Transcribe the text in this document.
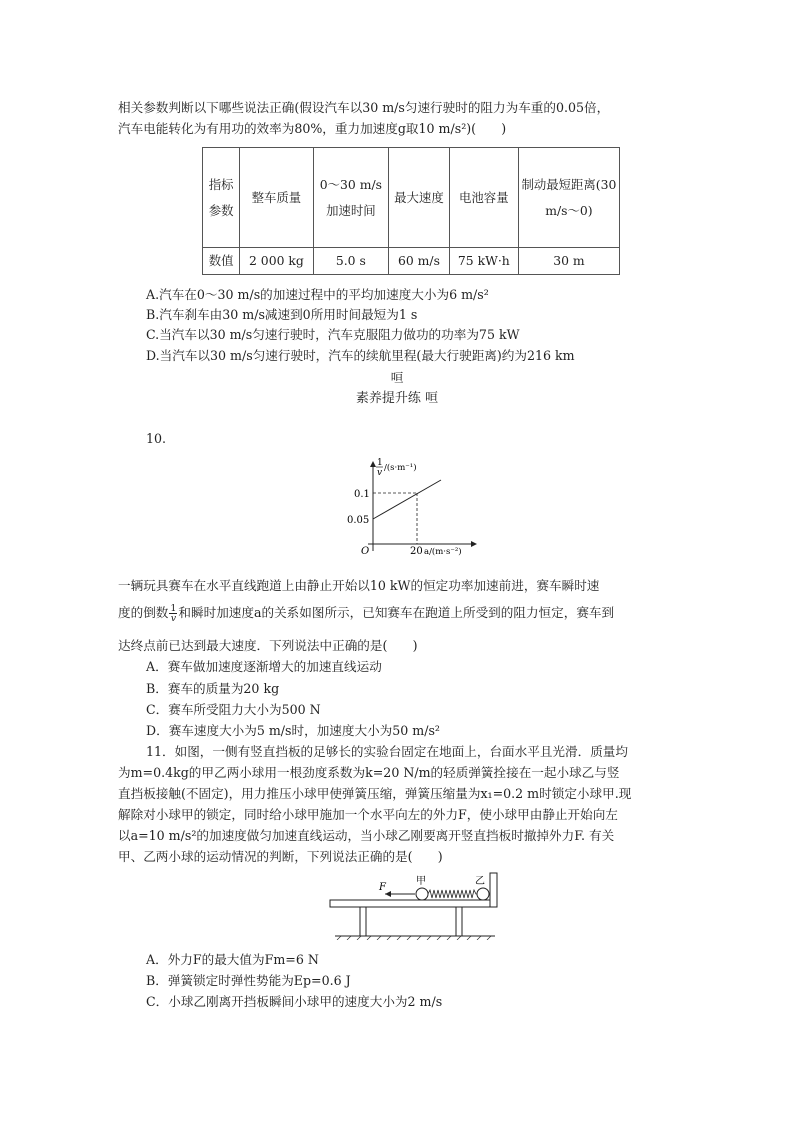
相关参数判断以下哪些说法正确(假设汽车以30 m/s匀速行驶时的阻力为车重的0.05倍，
汽车电能转化为有用功的效率为80%，重力加速度g取10 m/s²)(　　)
指标参数	整车质量	0～30 m/s加速时间	最大速度	电池容量	制动最短距离(30 m/s～0)
数值	2 000 kg	5.0 s	60 m/s	75 kW·h	30 m
A.汽车在0～30 m/s的加速过程中的平均加速度大小为6 m/s²
B.汽车刹车由30 m/s减速到0所用时间最短为1 s
C.当汽车以30 m/s匀速行驶时，汽车克服阻力做功的功率为75 kW
D.当汽车以30 m/s匀速行驶时，汽车的续航里程(最大行驶距离)约为216 km
咺
素养提升练 咺
10.
1
v /(s·m⁻¹)
0.1
0.05
O	20 a/(m·s⁻²)
一辆玩具赛车在水平直线跑道上由静止开始以10 kW的恒定功率加速前进，赛车瞬时速
度的倒数 $\frac{1}{v}$ 和瞬时加速度a的关系如图所示，已知赛车在跑道上所受到的阻力恒定，赛车到
达终点前已达到最大速度．下列说法中正确的是(　　)
A．赛车做加速度逐渐增大的加速直线运动
B．赛车的质量为20 kg
C．赛车所受阻力大小为500 N
D．赛车速度大小为5 m/s时，加速度大小为50 m/s²
11．如图，一侧有竖直挡板的足够长的实验台固定在地面上，台面水平且光滑．质量均
为m=0.4kg的甲乙两小球用一根劲度系数为k=20 N/m的轻质弹簧拴接在一起小球乙与竖
直挡板接触(不固定)，用力推压小球甲使弹簧压缩，弹簧压缩量为x₁=0.2 m时锁定小球甲.现
解除对小球甲的锁定，同时给小球甲施加一个水平向左的外力F，使小球甲由静止开始向左
以a=10 m/s²的加速度做匀加速直线运动，当小球乙刚要离开竖直挡板时撤掉外力F. 有关
甲、乙两小球的运动情况的判断，下列说法正确的是(　　)
F
甲	乙
A．外力F的最大值为Fm=6 N
B．弹簧锁定时弹性势能为Ep=0.6 J
C．小球乙刚离开挡板瞬间小球甲的速度大小为2 m/s
